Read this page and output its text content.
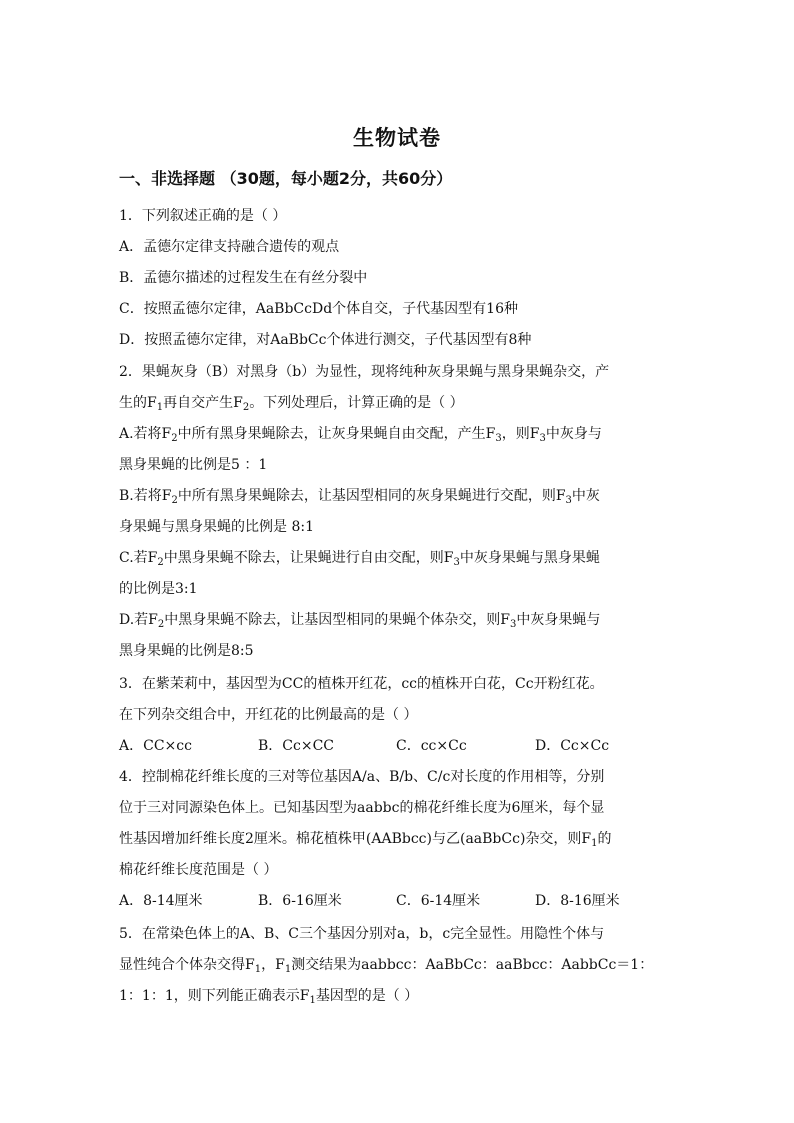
生物试卷
一、非选择题 （30题，每小题2分，共60分）
1．下列叙述正确的是（ ）
A．孟德尔定律支持融合遗传的观点
B．孟德尔描述的过程发生在有丝分裂中
C．按照孟德尔定律，AaBbCcDd个体自交，子代基因型有16种
D．按照孟德尔定律，对AaBbCc个体进行测交，子代基因型有8种
2．果蝇灰身（B）对黑身（b）为显性，现将纯种灰身果蝇与黑身果蝇杂交，产
生的$F_1$再自交产生$F_2$。下列处理后，计算正确的是（ ）
A.若将$F_2$中所有黑身果蝇除去，让灰身果蝇自由交配，产生$F_3$，则$F_3$中灰身与
黑身果蝇的比例是5 ：1
B.若将$F_2$中所有黑身果蝇除去，让基因型相同的灰身果蝇进行交配，则$F_3$中灰
身果蝇与黑身果蝇的比例是 8:1
C.若$F_2$中黑身果蝇不除去，让果蝇进行自由交配，则$F_3$中灰身果蝇与黑身果蝇
的比例是3:1
D.若$F_2$中黑身果蝇不除去，让基因型相同的果蝇个体杂交，则$F_3$中灰身果蝇与
黑身果蝇的比例是8:5
3．在紫茉莉中，基因型为CC的植株开红花，cc的植株开白花，Cc开粉红花。
在下列杂交组合中，开红花的比例最高的是（ ）
A．CC×cc	B．Cc×CC	C．cc×Cc	D．Cc×Cc
4．控制棉花纤维长度的三对等位基因A/a、B/b、C/c对长度的作用相等，分别
位于三对同源染色体上。已知基因型为aabbc的棉花纤维长度为6厘米，每个显
性基因增加纤维长度2厘米。棉花植株甲(AABbcc)与乙(aaBbCc)杂交，则$F_1$的
棉花纤维长度范围是（ ）
A．8-14厘米	B．6-16厘米	C．6-14厘米	D．8-16厘米
5．在常染色体上的A、B、C三个基因分别对a，b，c完全显性。用隐性个体与
显性纯合个体杂交得$F_1$，$F_1$测交结果为aabbcc：AaBbCc：aaBbcc：AabbCc＝1：
1：1：1，则下列能正确表示$F_1$基因型的是（ ）
